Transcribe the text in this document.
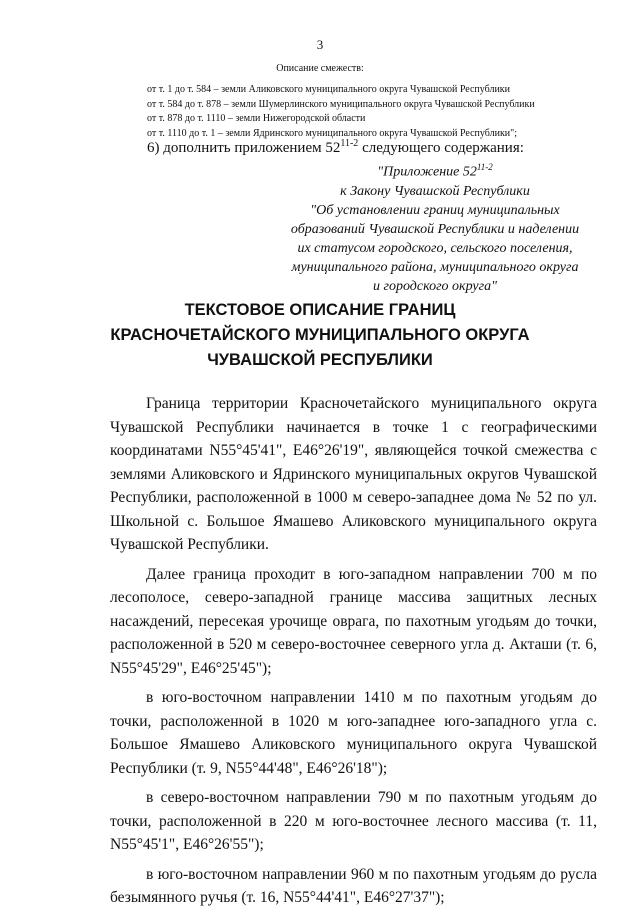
3
Описание смежеств:
от т. 1 до т. 584 – земли Аликовского муниципального округа Чувашской Республики
от т. 584 до т. 878 – земли Шумерлинского муниципального округа Чувашской Республики
от т. 878 до т. 1110 – земли Нижегородской области
от т. 1110 до т. 1 – земли Ядринского муниципального округа Чувашской Республики";
6) дополнить приложением 52$^{11-2}$ следующего содержания:
"Приложение 52$^{11-2}$
к Закону Чувашской Республики
"Об установлении границ муниципальных
образований Чувашской Республики и наделении
их статусом городского, сельского поселения,
муниципального района, муниципального округа
и городского округа"
ТЕКСТОВОЕ ОПИСАНИЕ ГРАНИЦ
КРАСНОЧЕТАЙСКОГО МУНИЦИПАЛЬНОГО ОКРУГА
ЧУВАШСКОЙ РЕСПУБЛИКИ

Граница территории Красночетайского муниципального округа Чувашской Республики начинается в точке 1 с географическими координатами N55°45'41", E46°26'19", являющейся точкой смежества с землями Аликовского и Ядринского муниципальных округов Чувашской Республики, расположенной в 1000 м северо-западнее дома № 52 по ул. Школьной с. Большое Ямашево Аликовского муниципального округа Чувашской Республики.

Далее граница проходит в юго-западном направлении 700 м по лесополосе, северо-западной границе массива защитных лесных насаждений, пересекая урочище оврага, по пахотным угодьям до точки, расположенной в 520 м северо-восточнее северного угла д. Акташи (т. 6, N55°45'29", E46°25'45");

в юго-восточном направлении 1410 м по пахотным угодьям до точки, расположенной в 1020 м юго-западнее юго-западного угла с. Большое Ямашево Аликовского муниципального округа Чувашской Республики (т. 9, N55°44'48", E46°26'18");

в северо-восточном направлении 790 м по пахотным угодьям до точки, расположенной в 220 м юго-восточнее лесного массива (т. 11, N55°45'1", E46°26'55");

в юго-восточном направлении 960 м по пахотным угодьям до русла безымянного ручья (т. 16, N55°44'41", E46°27'37");
